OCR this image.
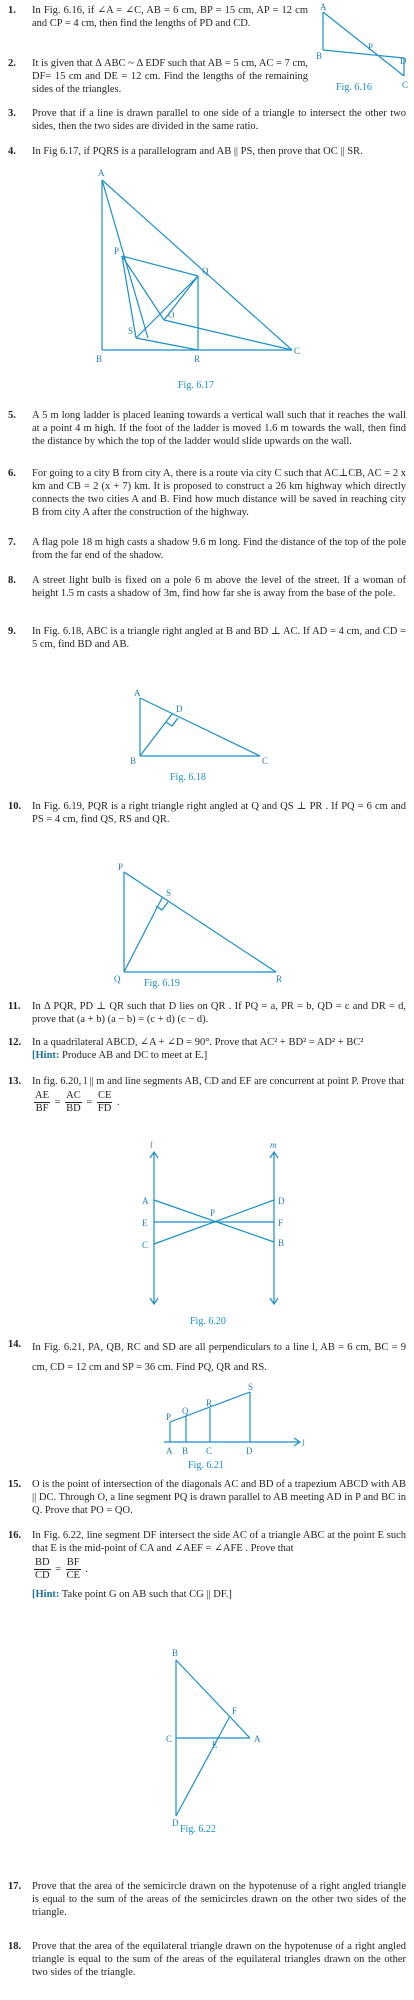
1.	In Fig. 6.16, if ∠A = ∠C, AB = 6 cm, BP = 15 cm, AP = 12 cm and CP = 4 cm, then find the lengths of PD and CD.

A
B
P
C
D
Fig. 6.16
2.	It is given that Δ ABC ~ Δ EDF such that AB = 5 cm, AC = 7 cm, DF= 15 cm and DE = 12 cm. Find the lengths of the remaining sides of the triangles.

3.	Prove that if a line is drawn parallel to one side of a triangle to intersect the other two sides, then the two sides are divided in the same ratio.

4.	In Fig 6.17, if PQRS is a parallelogram and AB || PS, then prove that OC || SR.

A
P
Q
O
S
B	R
C
Fig. 6.17
5.	A 5 m long ladder is placed leaning towards a vertical wall such that it reaches the wall at a point 4 m high. If the foot of the ladder is moved 1.6 m towards the wall, then find the distance by which the top of the ladder would slide upwards on the wall.

6.	For going to a city B from city A, there is a route via city C such that AC⊥CB, AC = 2 x km and CB = 2 (x + 7) km. It is proposed to construct a 26 km highway which directly connects the two cities A and B. Find how much distance will be saved in reaching city B from city A after the construction of the highway.

7.	A flag pole 18 m high casts a shadow 9.6 m long. Find the distance of the top of the pole from the far end of the shadow.

8.	A street light bulb is fixed on a pole 6 m above the level of the street. If a woman of height 1.5 m casts a shadow of 3m, find how far she is away from the base of the pole.

9.	In Fig. 6.18, ABC is a triangle right angled at B and BD ⊥ AC. If AD = 4 cm, and CD = 5 cm, find BD and AB.

A
D
B	C
Fig. 6.18
10.	In Fig. 6.19, PQR is a right triangle right angled at Q and QS ⊥ PR . If PQ = 6 cm and PS = 4 cm, find QS, RS and QR.

P
S
Q	R
Fig. 6.19
11.	In Δ PQR, PD ⊥ QR such that D lies on QR . If PQ = a, PR = b, QD = c and DR = d, prove that (a + b) (a − b) = (c + d) (c − d).

12.	In a quadrilateral ABCD, ∠A + ∠D = 90°. Prove that AC² + BD² = AD² + BC²

[Hint: Produce AB and DC to meet at E.]

13.	In fig. 6.20, l || m and line segments AB, CD and EF are concurrent at point P. Prove that

$\frac{AE}{BF} = \frac{AC}{BD} = \frac{CE}{FD}$ .
l	m
A
E
C
P
D
F
B
Fig. 6.20
14.	In Fig. 6.21, PA, QB, RC and SD are all perpendiculars to a line l, AB = 6 cm, BC = 9 cm, CD = 12 cm and SP = 36 cm. Find PQ, QR and RS.

P
Q
R
S
A B C	D
l
Fig. 6.21
15.	O is the point of intersection of the diagonals AC and BD of a trapezium ABCD with AB || DC. Through O, a line segment PQ is drawn parallel to AB meeting AD in P and BC in Q. Prove that PO = QO.

16.	In Fig. 6.22, line segment DF intersect the side AC of a triangle ABC at the point E such that E is the mid-point of CA and ∠AEF = ∠AFE . Prove that

$\frac{BD}{CD} = \frac{BF}{CE}$ .

[Hint: Take point G on AB such that CG || DF.]

B
F
C
E
A
D
Fig. 6.22
17.	Prove that the area of the semicircle drawn on the hypotenuse of a right angled triangle is equal to the sum of the areas of the semicircles drawn on the other two sides of the triangle.

18.	Prove that the area of the equilateral triangle drawn on the hypotenuse of a right angled triangle is equal to the sum of the areas of the equilateral triangles drawn on the other two sides of the triangle.
